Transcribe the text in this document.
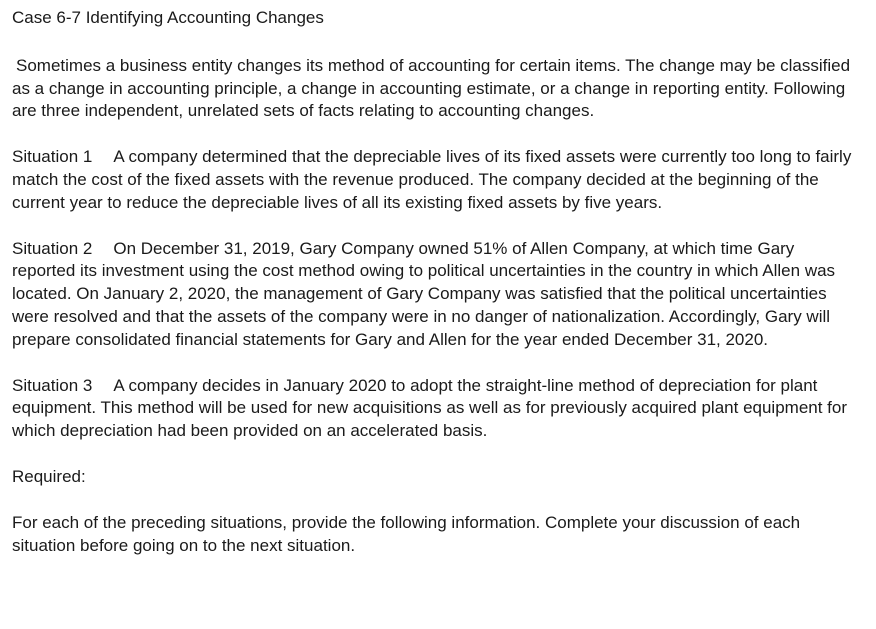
Case 6-7 Identifying Accounting Changes
Sometimes a business entity changes its method of accounting for certain items. The change may be classified as a change in accounting principle, a change in accounting estimate, or a change in reporting entity. Following are three independent, unrelated sets of facts relating to accounting changes.
Situation 1 A company determined that the depreciable lives of its fixed assets were currently too long to fairly match the cost of the fixed assets with the revenue produced. The company decided at the beginning of the current year to reduce the depreciable lives of all its existing fixed assets by five years.
Situation 2 On December 31, 2019, Gary Company owned 51% of Allen Company, at which time Gary reported its investment using the cost method owing to political uncertainties in the country in which Allen was located. On January 2, 2020, the management of Gary Company was satisfied that the political uncertainties were resolved and that the assets of the company were in no danger of nationalization. Accordingly, Gary will prepare consolidated financial statements for Gary and Allen for the year ended December 31, 2020.
Situation 3 A company decides in January 2020 to adopt the straight-line method of depreciation for plant equipment. This method will be used for new acquisitions as well as for previously acquired plant equipment for which depreciation had been provided on an accelerated basis.
Required:
For each of the preceding situations, provide the following information. Complete your discussion of each situation before going on to the next situation.
